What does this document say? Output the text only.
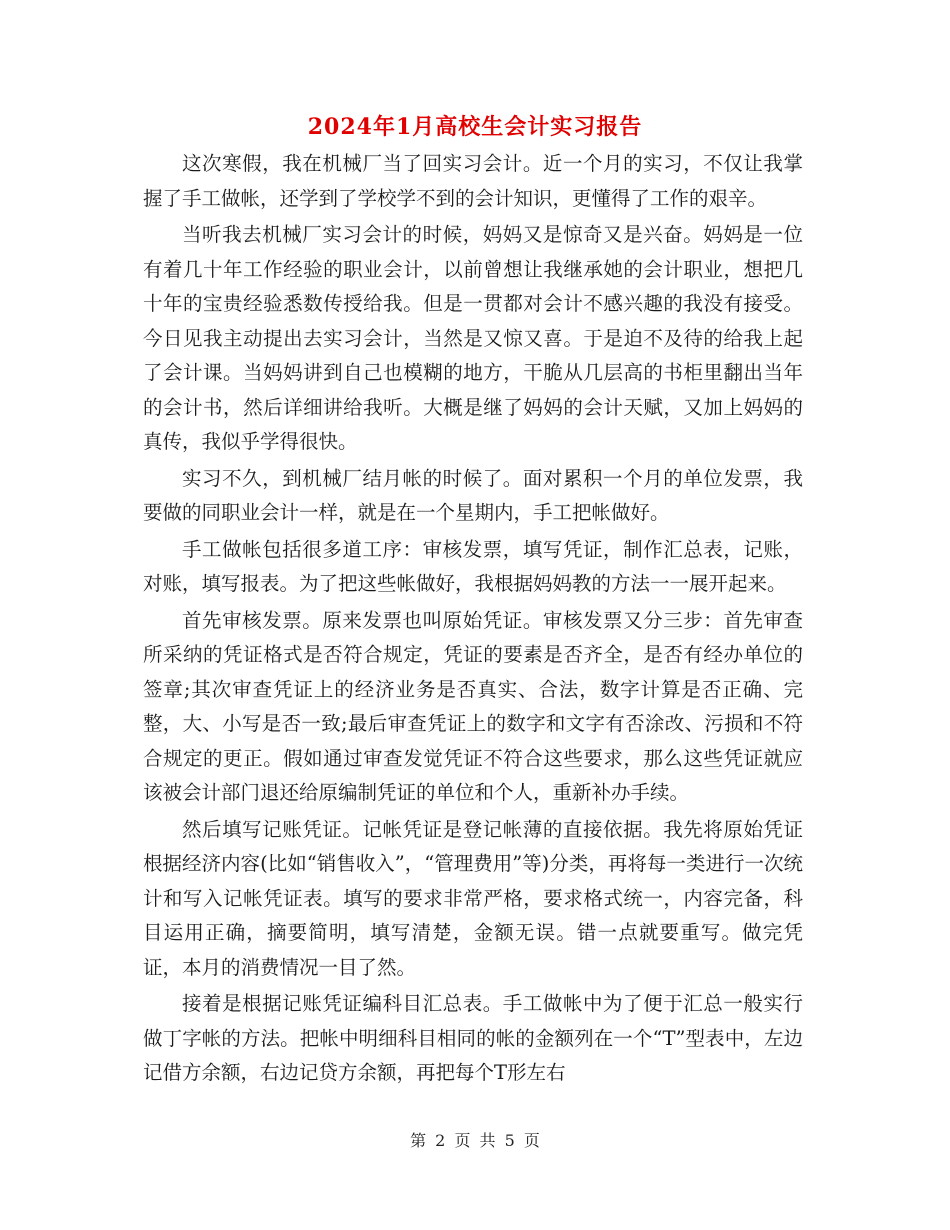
2024年1月高校生会计实习报告

这次寒假，我在机械厂当了回实习会计。近一个月的实习，不仅让我掌握了手工做帐，还学到了学校学不到的会计知识，更懂得了工作的艰辛。

当听我去机械厂实习会计的时候，妈妈又是惊奇又是兴奋。妈妈是一位有着几十年工作经验的职业会计，以前曾想让我继承她的会计职业，想把几十年的宝贵经验悉数传授给我。但是一贯都对会计不感兴趣的我没有接受。今日见我主动提出去实习会计，当然是又惊又喜。于是迫不及待的给我上起了会计课。当妈妈讲到自己也模糊的地方，干脆从几层高的书柜里翻出当年的会计书，然后详细讲给我听。大概是继了妈妈的会计天赋，又加上妈妈的真传，我似乎学得很快。

实习不久，到机械厂结月帐的时候了。面对累积一个月的单位发票，我要做的同职业会计一样，就是在一个星期内，手工把帐做好。

手工做帐包括很多道工序：审核发票，填写凭证，制作汇总表，记账，对账，填写报表。为了把这些帐做好，我根据妈妈教的方法一一展开起来。

首先审核发票。原来发票也叫原始凭证。审核发票又分三步：首先审查所采纳的凭证格式是否符合规定，凭证的要素是否齐全，是否有经办单位的签章;其次审查凭证上的经济业务是否真实、合法，数字计算是否正确、完整，大、小写是否一致;最后审查凭证上的数字和文字有否涂改、污损和不符合规定的更正。假如通过审查发觉凭证不符合这些要求，那么这些凭证就应该被会计部门退还给原编制凭证的单位和个人，重新补办手续。

然后填写记账凭证。记帐凭证是登记帐薄的直接依据。我先将原始凭证根据经济内容(比如“销售收入”，“管理费用”等)分类，再将每一类进行一次统计和写入记帐凭证表。填写的要求非常严格，要求格式统一，内容完备，科目运用正确，摘要简明，填写清楚，金额无误。错一点就要重写。做完凭证，本月的消费情况一目了然。

接着是根据记账凭证编科目汇总表。手工做帐中为了便于汇总一般实行做丁字帐的方法。把帐中明细科目相同的帐的金额列在一个“T”型表中，左边记借方余额，右边记贷方余额，再把每个T形左右

第 2 页 共 5 页
